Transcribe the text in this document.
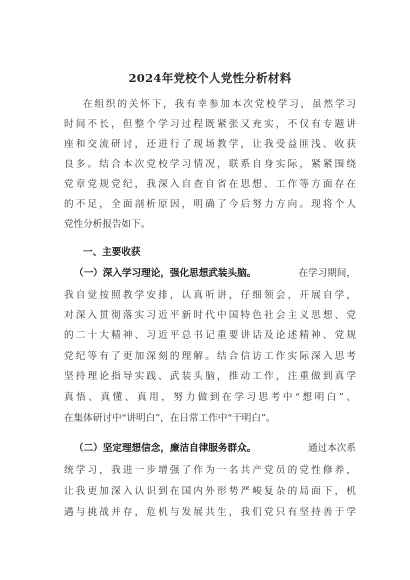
2024年党校个人党性分析材料
在组织的关怀下，我有幸参加本次党校学习，虽然学习
时间不长，但整个学习过程既紧张又充实，不仅有专题讲
座和交流研讨，还进行了现场教学，让我受益匪浅、收获
良多。结合本次党校学习情况，联系自身实际，紧紧围绕
党章党规党纪，我深入自查自省在思想、工作等方面存在
的不足，全面剖析原因，明确了今后努力方向。现将个人
党性分析报告如下。
一、主要收获
（一）深入学习理论，强化思想武装头脑。	在学习期间，
我自觉按照教学安排，认真听讲，仔细领会，开展自学，
对深入贯彻落实习近平新时代中国特色社会主义思想、党
的二十大精神、习近平总书记重要讲话及论述精神、党规
党纪等有了更加深刻的理解。结合信访工作实际深入思考
坚持理论指导实践、武装头脑，推动工作，注重做到真学
真悟、真懂、真用，努力做到在学习思考中“想明白”、
在集体研讨中“讲明白”，在日常工作中“干明白”。
（二）坚定理想信念，廉洁自律服务群众。	通过本次系
统学习，我进一步增强了作为一名共产党员的党性修养，
让我更加深入认识到在国内外形势严峻复杂的局面下，机
遇与挑战并存，危机与发展共生，我们党只有坚持善于学
